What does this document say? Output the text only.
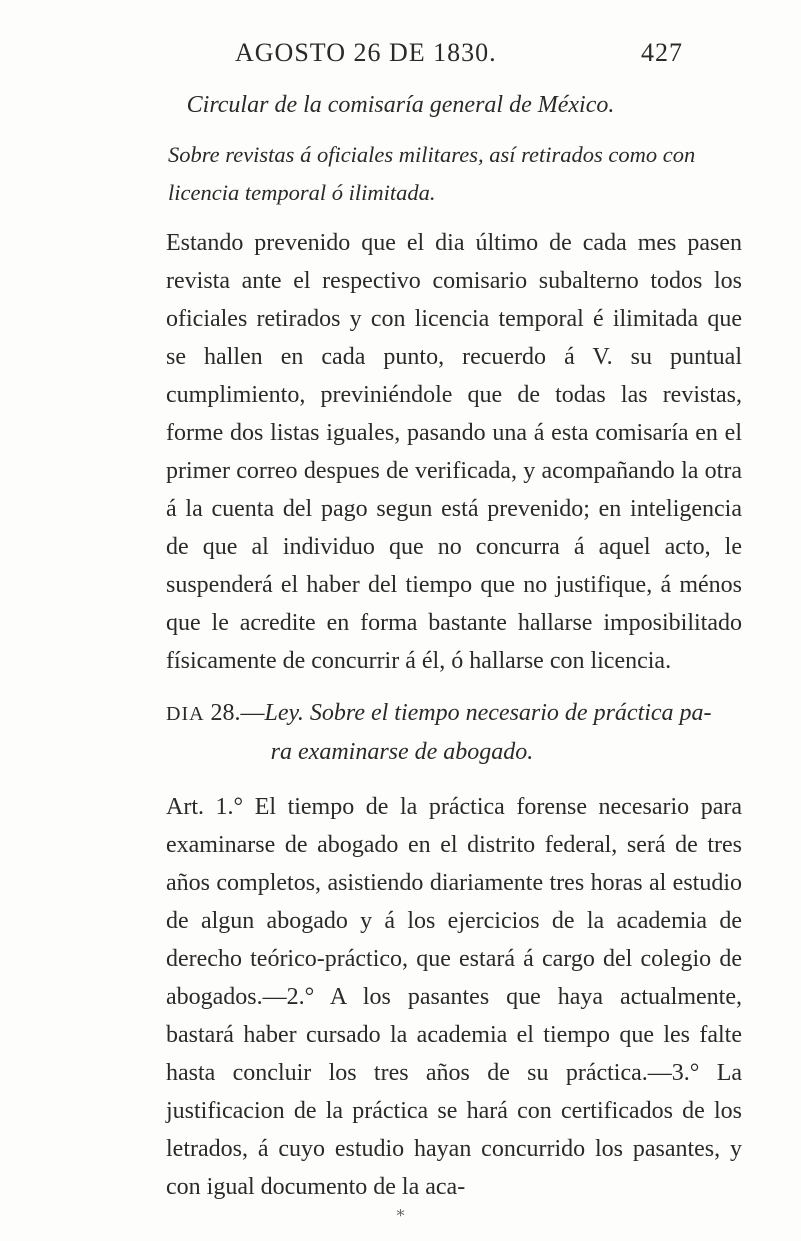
AGOSTO 26 DE 1830.	427
Circular de la comisaría general de México.
Sobre revistas á oficiales militares, así retirados como con licencia temporal ó ilimitada.
Estando prevenido que el dia último de cada mes pasen revista ante el respectivo comisario subalterno todos los oficiales retirados y con licencia temporal é ilimitada que se hallen en cada punto, recuerdo á V. su puntual cumplimiento, previniéndole que de todas las revistas, forme dos listas iguales, pasando una á esta comisaría en el primer correo despues de verificada, y acompañando la otra á la cuenta del pago segun está prevenido; en inteligencia de que al individuo que no concurra á aquel acto, le suspenderá el haber del tiempo que no justifique, á ménos que le acredite en forma bastante hallarse imposibilitado físicamente de concurrir á él, ó hallarse con licencia.
DIA 28.—Ley. Sobre el tiempo necesario de práctica pa-
ra examinarse de abogado.
Art. 1.° El tiempo de la práctica forense necesario para examinarse de abogado en el distrito federal, será de tres años completos, asistiendo diariamente tres horas al estudio de algun abogado y á los ejercicios de la academia de derecho teórico-práctico, que estará á cargo del colegio de abogados.—2.° A los pasantes que haya actualmente, bastará haber cursado la academia el tiempo que les falte hasta concluir los tres años de su práctica.—3.° La justificacion de la práctica se hará con certificados de los letrados, á cuyo estudio hayan concurrido los pasantes, y con igual documento de la aca-
*
